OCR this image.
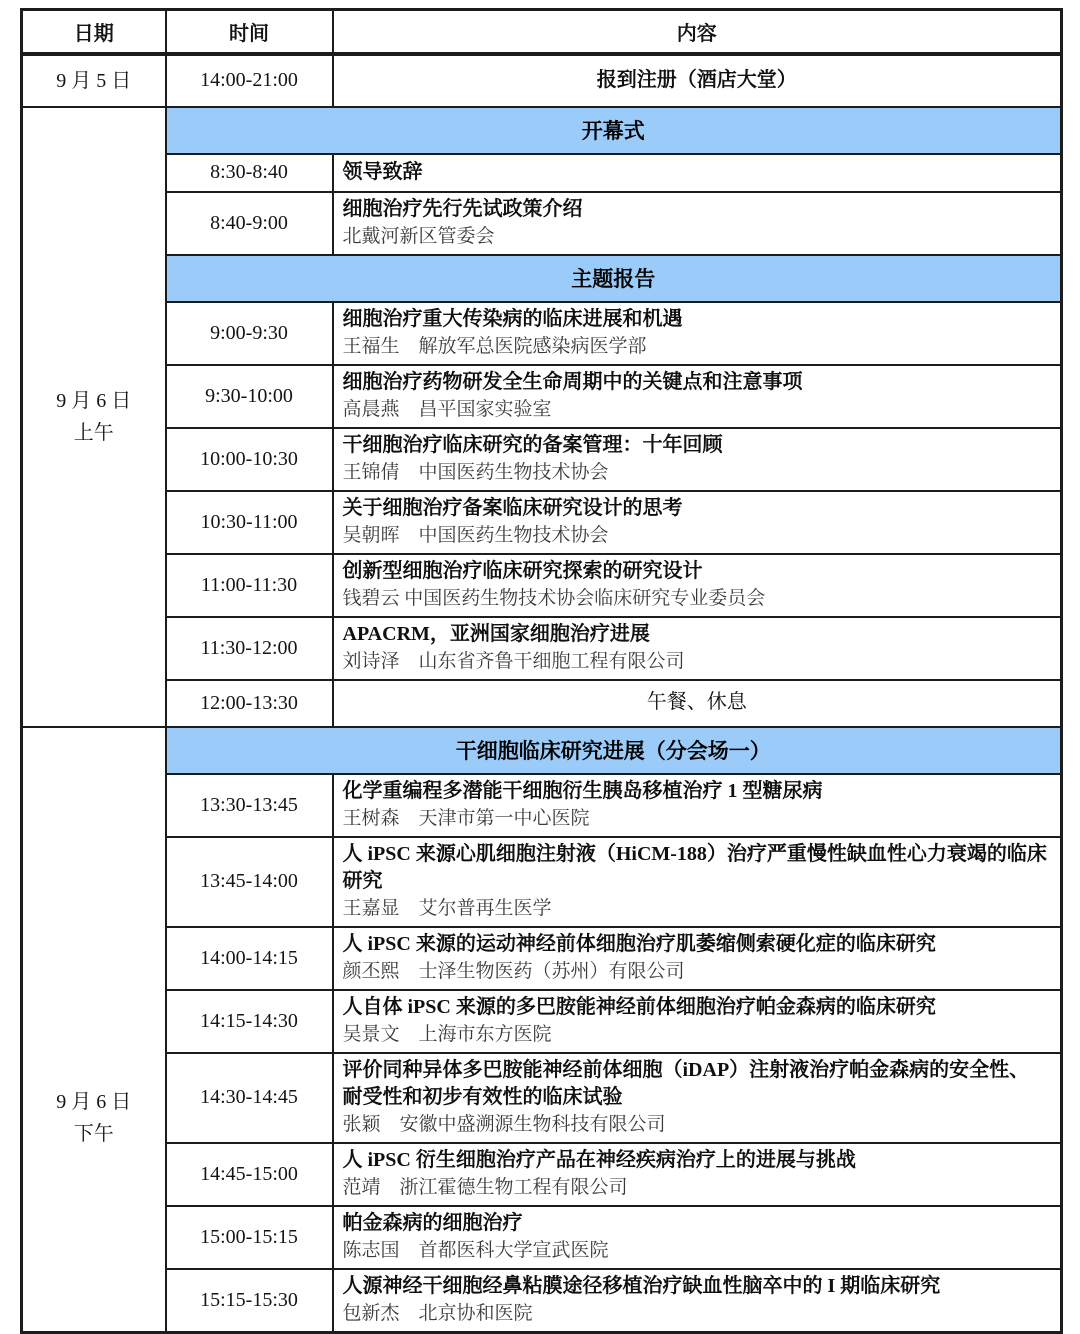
日期	时间	内容

9 月 5 日	14:00-21:00	报到注册（酒店大堂）

9 月 6 日
上午	开幕式	
	8:30-8:40	领导致辞

	8:40-9:00	细胞治疗先行先试政策介绍
北戴河新区管委会

	主题报告	
	9:00-9:30	细胞治疗重大传染病的临床进展和机遇
王福生　解放军总医院感染病医学部

	9:30-10:00	细胞治疗药物研发全生命周期中的关键点和注意事项
高晨燕　昌平国家实验室

	10:00-10:30	干细胞治疗临床研究的备案管理：十年回顾
王锦倩　中国医药生物技术协会

	10:30-11:00	关于细胞治疗备案临床研究设计的思考
吴朝晖　中国医药生物技术协会

	11:00-11:30	创新型细胞治疗临床研究探索的研究设计
钱碧云 中国医药生物技术协会临床研究专业委员会

	11:30-12:00	APACRM，亚洲国家细胞治疗进展
刘诗泽　山东省齐鲁干细胞工程有限公司

	12:00-13:30	午餐、休息

9 月 6 日
下午	干细胞临床研究进展（分会场一）	
	13:30-13:45	化学重编程多潜能干细胞衍生胰岛移植治疗 1 型糖尿病
王树森　天津市第一中心医院

	13:45-14:00	人 iPSC 来源心肌细胞注射液（HiCM-188）治疗严重慢性缺血性心力衰竭的临床研究
王嘉显　艾尔普再生医学

	14:00-14:15	人 iPSC 来源的运动神经前体细胞治疗肌萎缩侧索硬化症的临床研究
颜丕熙　士泽生物医药（苏州）有限公司

	14:15-14:30	人自体 iPSC 来源的多巴胺能神经前体细胞治疗帕金森病的临床研究
吴景文　上海市东方医院

	14:30-14:45	评价同种异体多巴胺能神经前体细胞（iDAP）注射液治疗帕金森病的安全性、耐受性和初步有效性的临床试验
张颖　安徽中盛溯源生物科技有限公司

	14:45-15:00	人 iPSC 衍生细胞治疗产品在神经疾病治疗上的进展与挑战
范靖　浙江霍德生物工程有限公司

	15:00-15:15	帕金森病的细胞治疗
陈志国　首都医科大学宣武医院

	15:15-15:30	人源神经干细胞经鼻粘膜途径移植治疗缺血性脑卒中的 I 期临床研究
包新杰　北京协和医院
